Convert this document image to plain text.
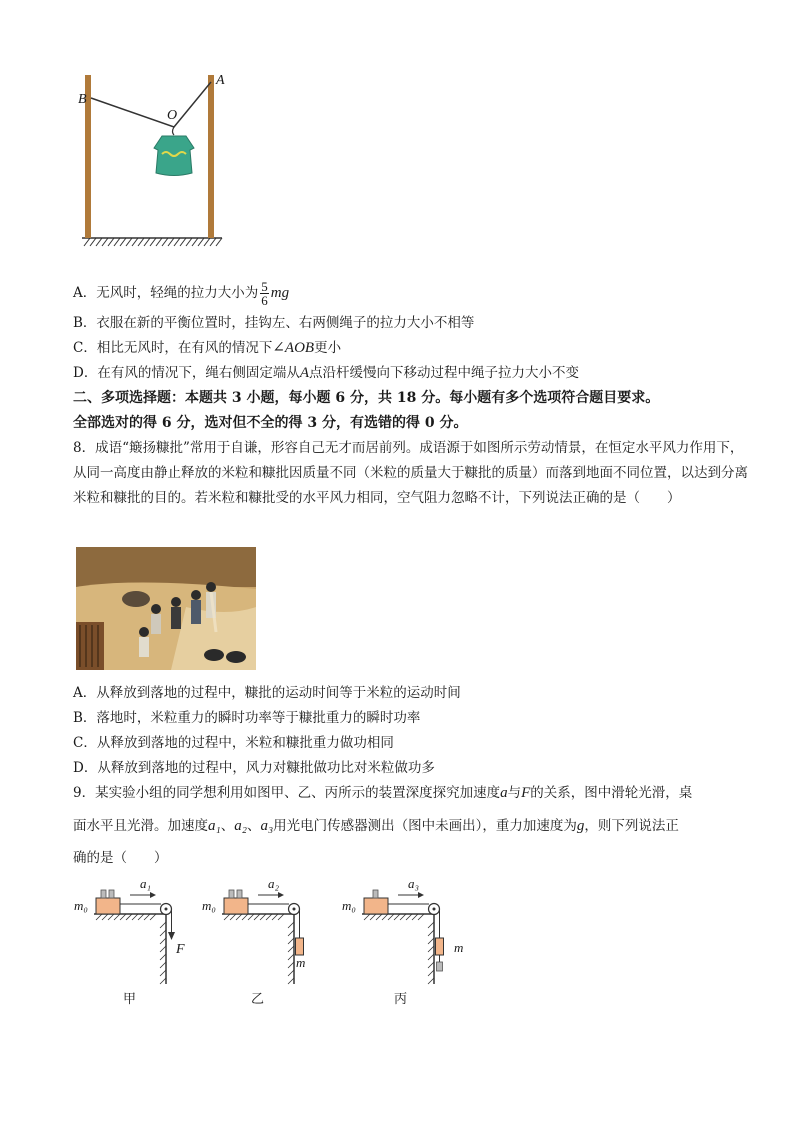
B
O
A
A．无风时，轻绳的拉力大小为 $\frac{5}{6}$ mg
B．衣服在新的平衡位置时，挂钩左、右两侧绳子的拉力大小不相等
C．相比无风时，在有风的情况下∠AOB更小
D．在有风的情况下，绳右侧固定端从A点沿杆缓慢向下移动过程中绳子拉力大小不变
二、多项选择题：本题共 3 小题，每小题 6 分，共 18 分。每小题有多个选项符合题目要求。
全部选对的得 6 分，选对但不全的得 3 分，有选错的得 0 分。
8．成语“簸扬糠批”常用于自谦，形容自己无才而居前列。成语源于如图所示劳动情景，在恒定水平风力作用下，从同一高度由静止释放的米粒和糠批因质量不同（米粒的质量大于糠批的质量）而落到地面不同位置，以达到分离米粒和糠批的目的。若米粒和糠批受的水平风力相同，空气阻力忽略不计，下列说法正确的是（　　）
A．从释放到落地的过程中，糠批的运动时间等于米粒的运动时间
B．落地时，米粒重力的瞬时功率等于糠批重力的瞬时功率
C．从释放到落地的过程中，米粒和糠批重力做功相同
D．从释放到落地的过程中，风力对糠批做功比对米粒做功多
9．某实验小组的同学想利用如图甲、乙、丙所示的装置深度探究加速度a与F的关系，图中滑轮光滑，桌
面水平且光滑。加速度a₁、a₂、a₃用光电门传感器测出（图中未画出），重力加速度为g，则下列说法正
确的是（　　）
m₀
a₁
F
甲
m₀
a₂
m
乙
m₀
a₃
m
丙
